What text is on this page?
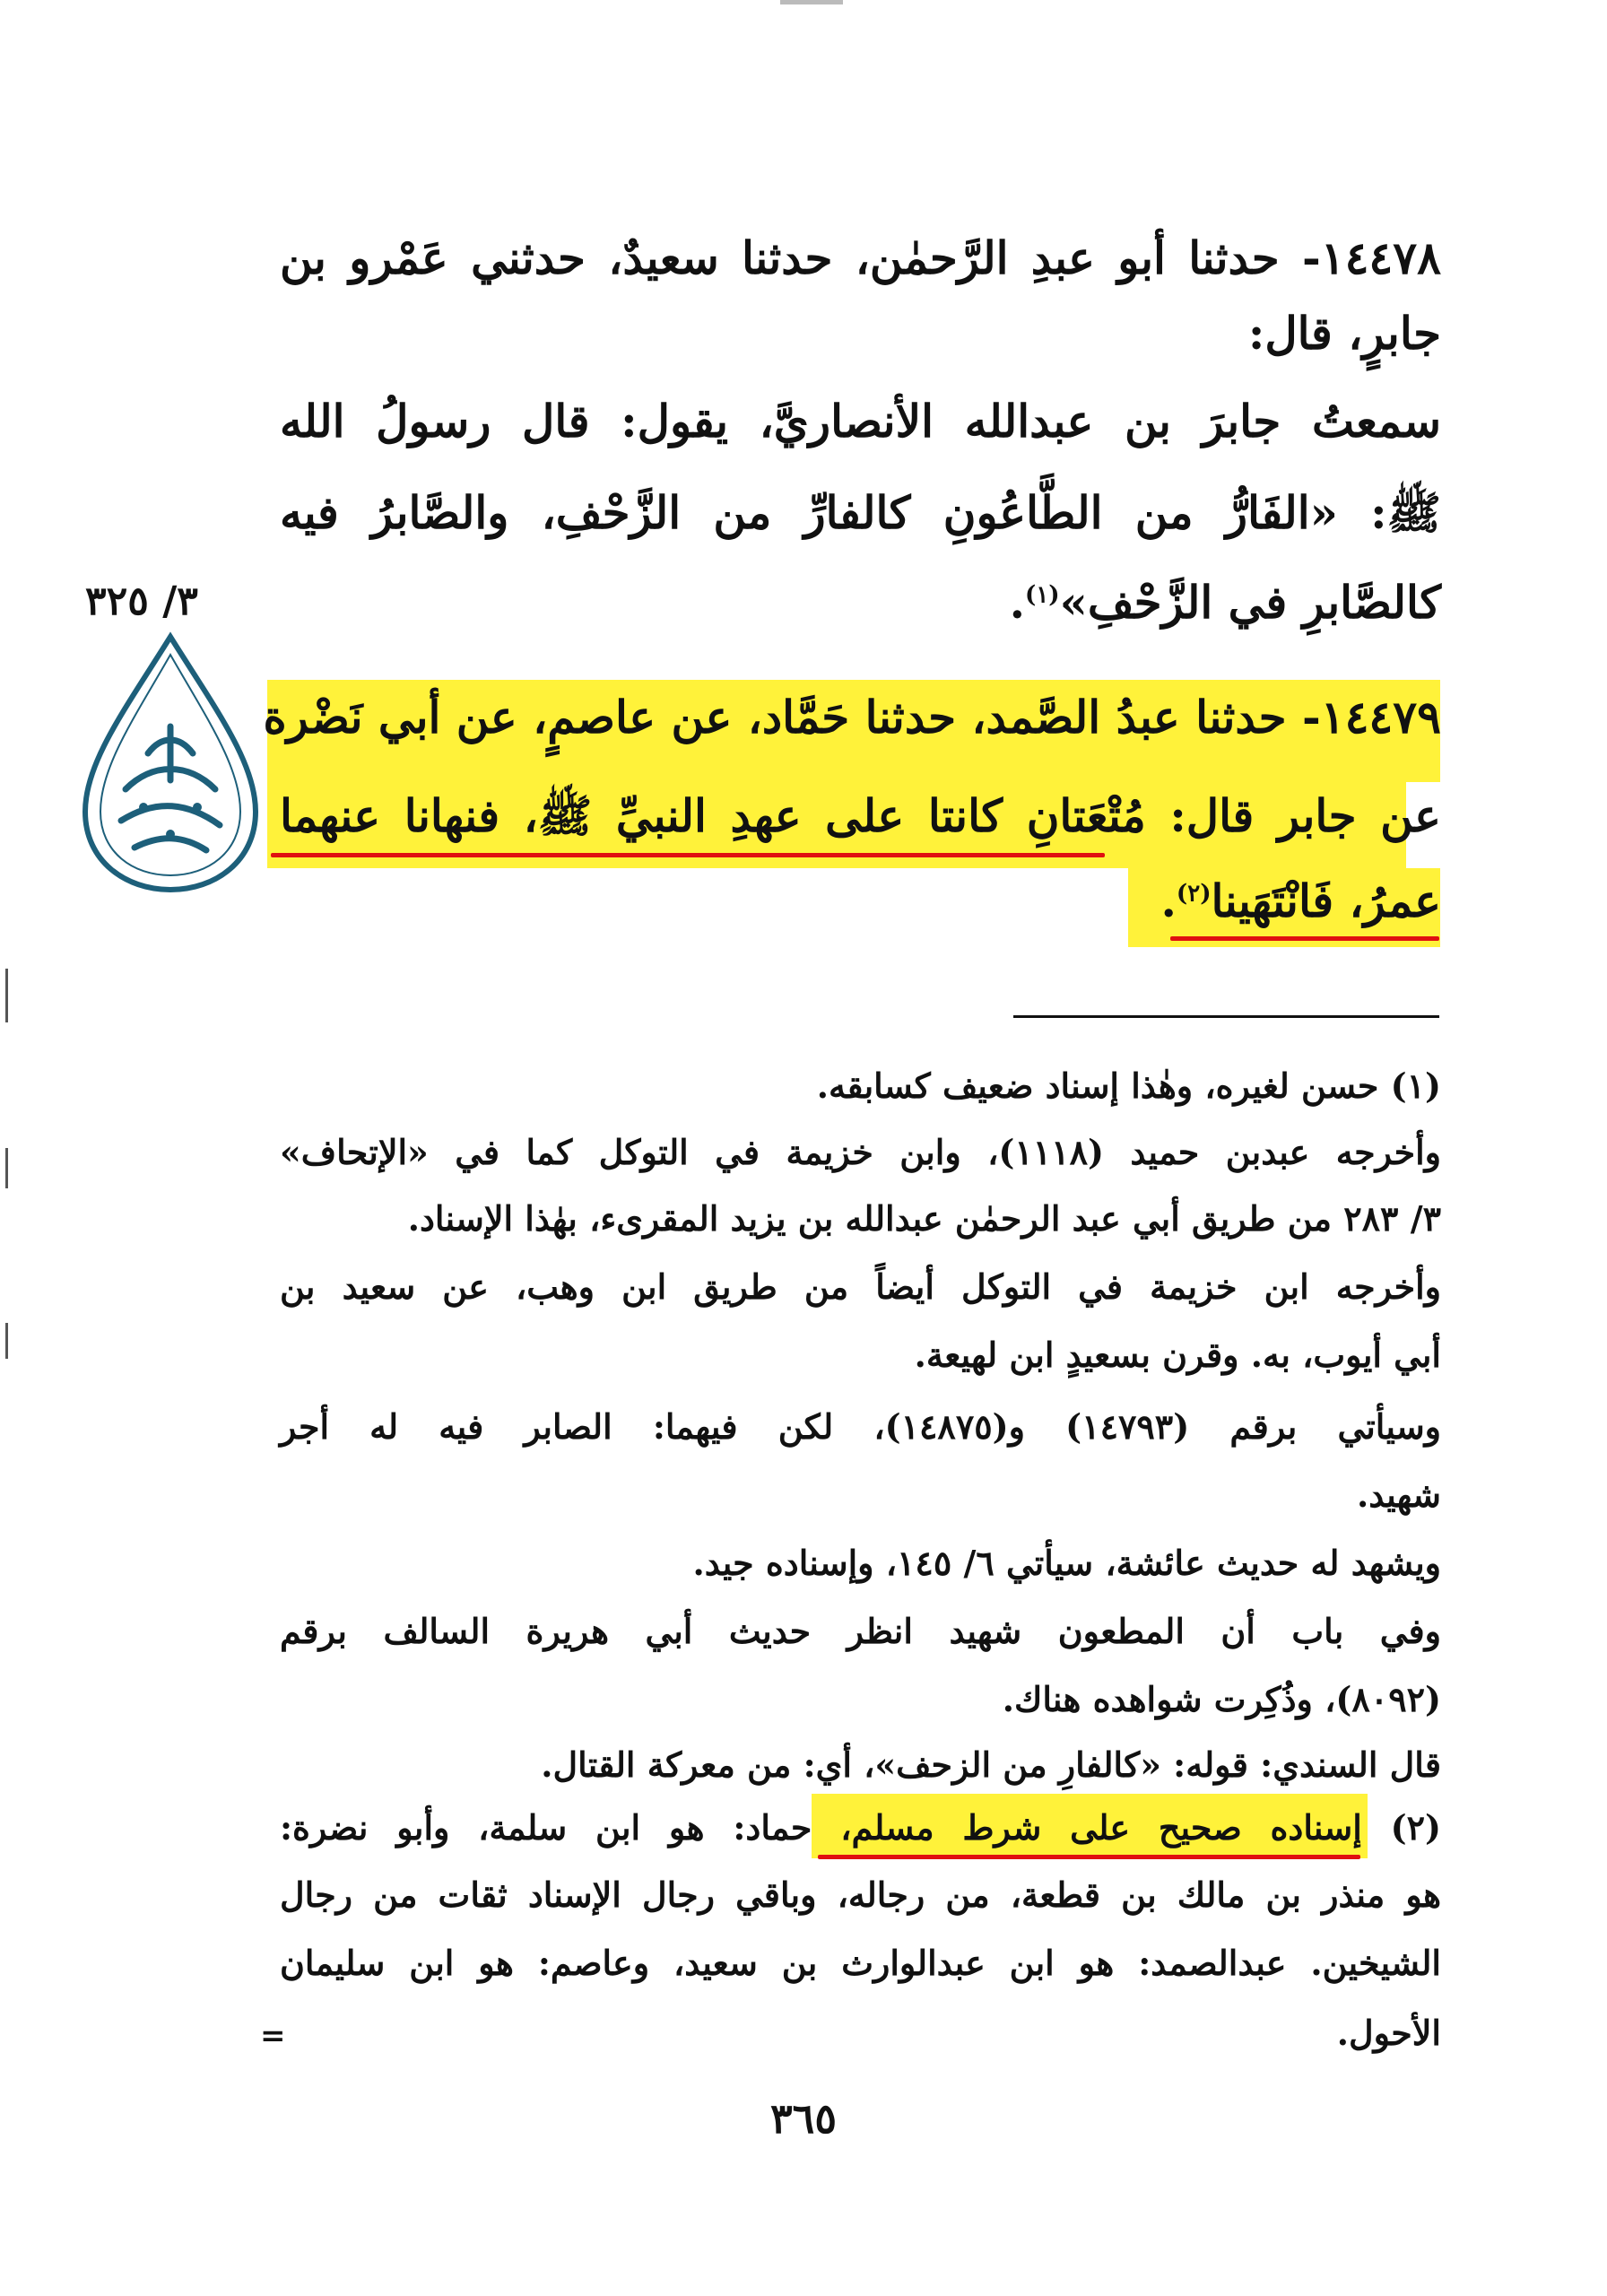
١٤٤٧٨- حدثنا أبو عبدِ الرَّحمٰن، حدثنا سعيدٌ، حدثني عَمْرو بن
جابرٍ، قال:
سمعتُ جابرَ بن عبدالله الأنصاريَّ، يقول: قال رسولُ الله
ﷺ: «الفَارُّ من الطَّاعُونِ كالفارِّ من الزَّحْفِ، والصَّابرُ فيه
كالصَّابرِ في الزَّحْفِ»$^{(١)}$.
١٤٤٧٩- حدثنا عبدُ الصَّمد، حدثنا حَمَّاد، عن عاصمٍ، عن أبي نَضْرة
عن جابر قال: مُتْعَتانِ كانتا على عهدِ النبيِّ ﷺ، فنهانا عنهما
عمرُ، فَانْتَهَينا$^{(٢)}$.
(١) حسن لغيره، وهٰذا إسناد ضعيف كسابقه.
وأخرجه عبدبن حميد (١١١٨)، وابن خزيمة في التوكل كما في «الإتحاف»
٣/ ٢٨٣ من طريق أبي عبد الرحمٰن عبدالله بن يزيد المقرىء، بهٰذا الإسناد.
وأخرجه ابن خزيمة في التوكل أيضاً من طريق ابن وهب، عن سعيد بن
أبي أيوب، به. وقرن بسعيدٍ ابن لهيعة.
وسيأتي برقم (١٤٧٩٣) و(١٤٨٧٥)، لكن فيهما: الصابر فيه له أجر
شهيد.
ويشهد له حديث عائشة، سيأتي ٦/ ١٤٥، وإسناده جيد.
وفي باب أن المطعون شهيد انظر حديث أبي هريرة السالف برقم
(٨٠٩٢)، وذُكِرت شواهده هناك.
قال السندي: قوله: «كالفارِ من الزحف»، أي: من معركة القتال.
(٢) إسناده صحيح على شرط مسلم، حماد: هو ابن سلمة، وأبو نضرة:
هو منذر بن مالك بن قطعة، من رجاله، وباقي رجال الإسناد ثقات من رجال
الشيخين. عبدالصمد: هو ابن عبدالوارث بن سعيد، وعاصم: هو ابن سليمان
الأحول.
=
٣/ ٣٢٥
٣٦٥
